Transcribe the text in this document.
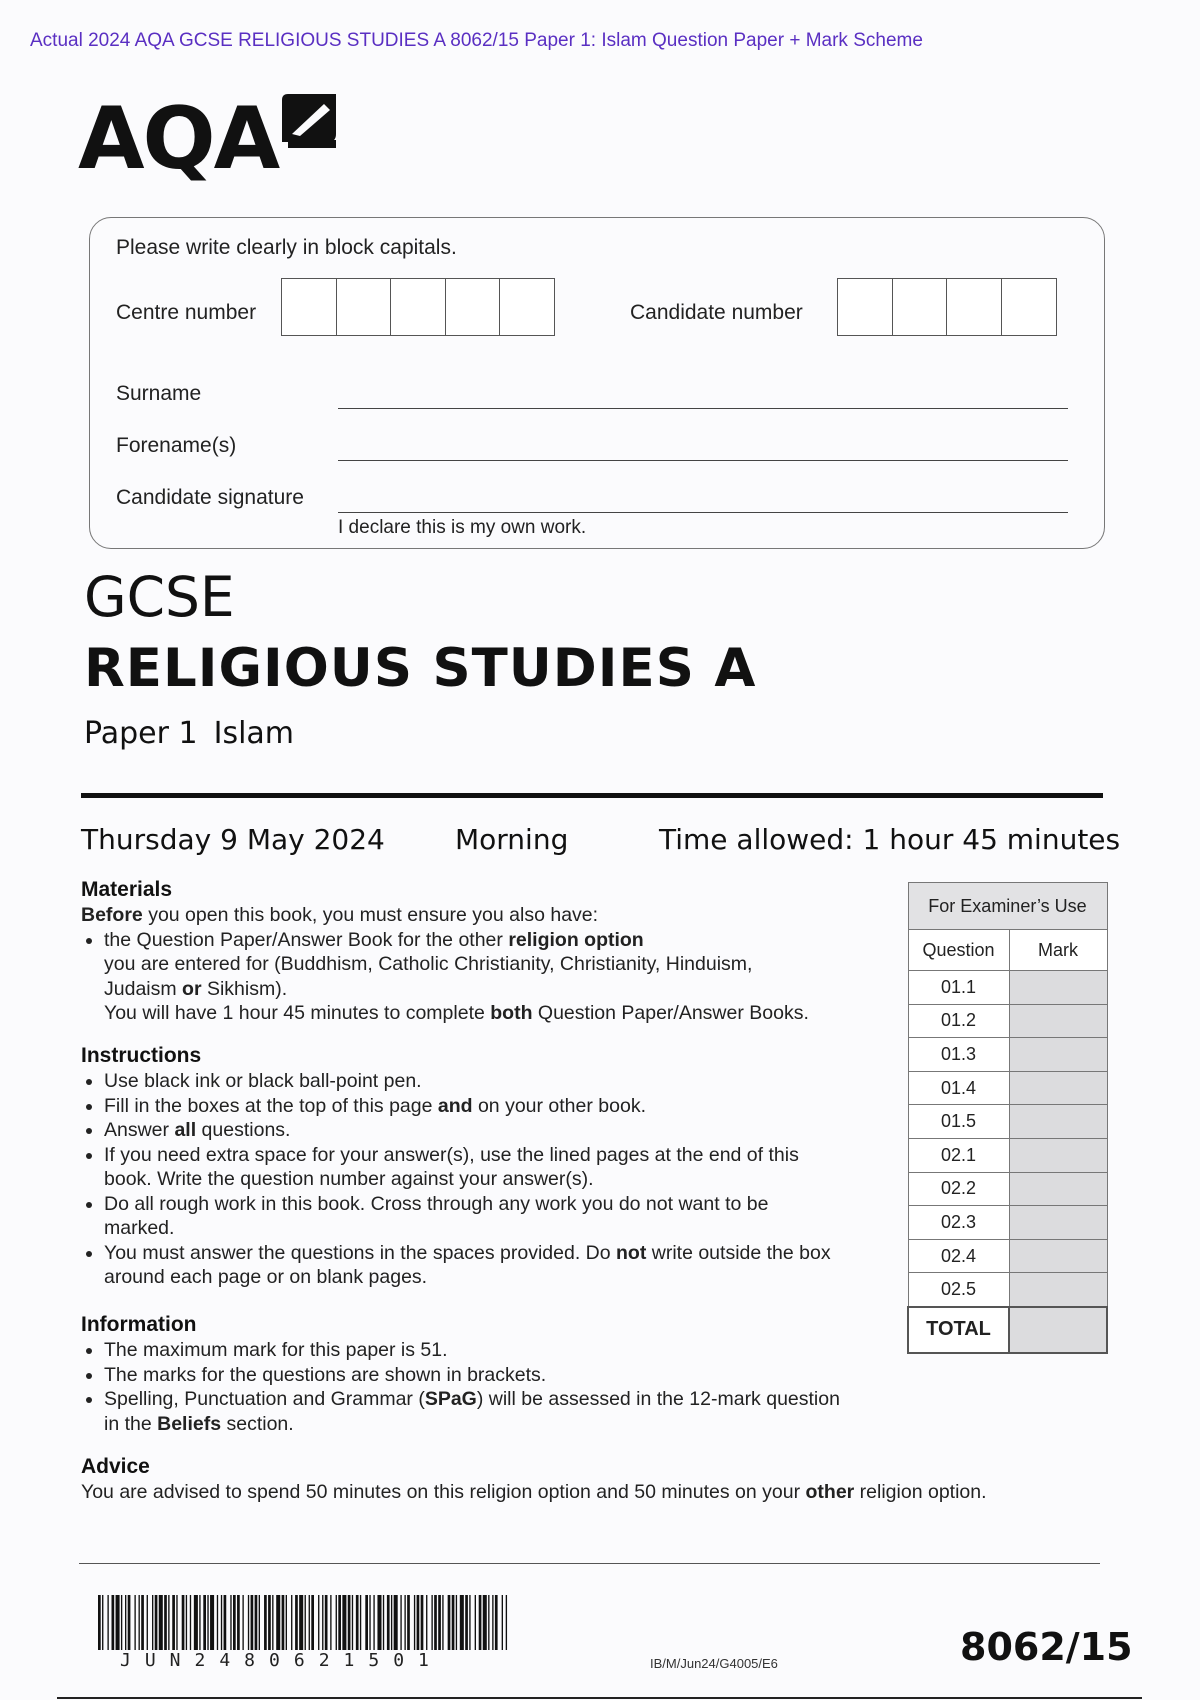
Actual 2024 AQA GCSE RELIGIOUS STUDIES A 8062/15 Paper 1: Islam Question Paper + Mark Scheme
AQA
Please write clearly in block capitals.
Centre number	Candidate number
Surname
Forename(s)
Candidate signature
I declare this is my own work.
GCSE
RELIGIOUS STUDIES A
Paper 1 Islam
Thursday 9 May 2024	Morning	Time allowed: 1 hour 45 minutes
Materials

Before you open this book, you must ensure you also have:

• the Question Paper/Answer Book for the other religion option
you are entered for (Buddhism, Catholic Christianity, Christianity, Hinduism,
Judaism or Sikhism).
You will have 1 hour 45 minutes to complete both Question Paper/Answer Books.
Instructions
• Use black ink or black ball-point pen.
• Fill in the boxes at the top of this page and on your other book.
• Answer all questions.
• If you need extra space for your answer(s), use the lined pages at the end of this book. Write the question number against your answer(s).
• Do all rough work in this book. Cross through any work you do not want to be marked.
• You must answer the questions in the spaces provided. Do not write outside the box around each page or on blank pages.
Information
• The maximum mark for this paper is 51.
• The marks for the questions are shown in brackets.
• Spelling, Punctuation and Grammar (SPaG) will be assessed in the 12-mark question in the Beliefs section.
Advice

You are advised to spend 50 minutes on this religion option and 50 minutes on your other religion option.

For Examiner’s Use	
Question	Mark
01.1	
01.2	
01.3	
01.4	
01.5	
02.1	
02.2	
02.3	
02.4	
02.5	
TOTAL	
JUN2480621501	IB/M/Jun24/G4005/E6	8062/15
